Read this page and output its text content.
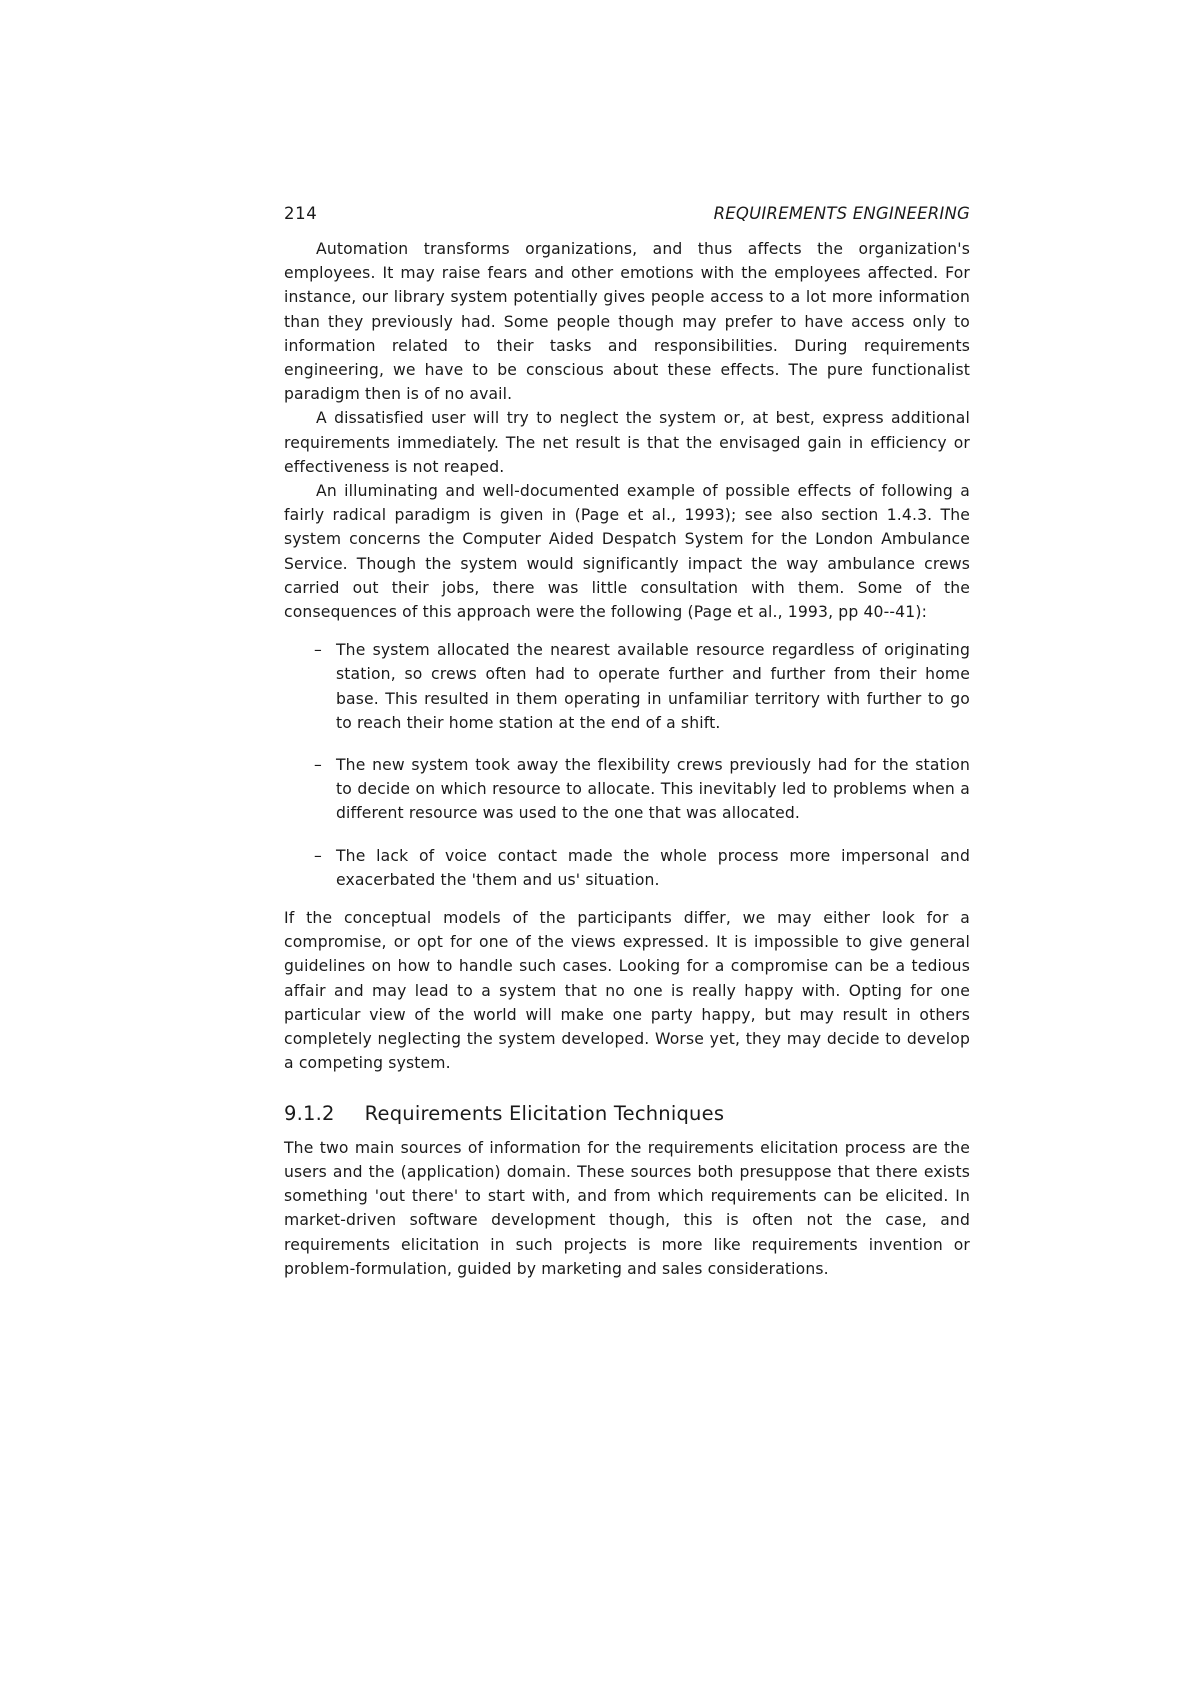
214	REQUIREMENTS ENGINEERING

Automation transforms organizations, and thus affects the organization's employees. It may raise fears and other emotions with the employees affected. For instance, our library system potentially gives people access to a lot more information than they previously had. Some people though may prefer to have access only to information related to their tasks and responsibilities. During requirements engineering, we have to be conscious about these effects. The pure functionalist paradigm then is of no avail.

A dissatisfied user will try to neglect the system or, at best, express additional requirements immediately. The net result is that the envisaged gain in efficiency or effectiveness is not reaped.

An illuminating and well-documented example of possible effects of following a fairly radical paradigm is given in (Page et al., 1993); see also section 1.4.3. The system concerns the Computer Aided Despatch System for the London Ambulance Service. Though the system would significantly impact the way ambulance crews carried out their jobs, there was little consultation with them. Some of the consequences of this approach were the following (Page et al., 1993, pp 40--41):

– The system allocated the nearest available resource regardless of originating station, so crews often had to operate further and further from their home base. This resulted in them operating in unfamiliar territory with further to go to reach their home station at the end of a shift.
– The new system took away the flexibility crews previously had for the station to decide on which resource to allocate. This inevitably led to problems when a different resource was used to the one that was allocated.
– The lack of voice contact made the whole process more impersonal and exacerbated the 'them and us' situation.

If the conceptual models of the participants differ, we may either look for a compromise, or opt for one of the views expressed. It is impossible to give general guidelines on how to handle such cases. Looking for a compromise can be a tedious affair and may lead to a system that no one is really happy with. Opting for one particular view of the world will make one party happy, but may result in others completely neglecting the system developed. Worse yet, they may decide to develop a competing system.

9.1.2 Requirements Elicitation Techniques

The two main sources of information for the requirements elicitation process are the users and the (application) domain. These sources both presuppose that there exists something 'out there' to start with, and from which requirements can be elicited. In market-driven software development though, this is often not the case, and requirements elicitation in such projects is more like requirements invention or problem-formulation, guided by marketing and sales considerations.
